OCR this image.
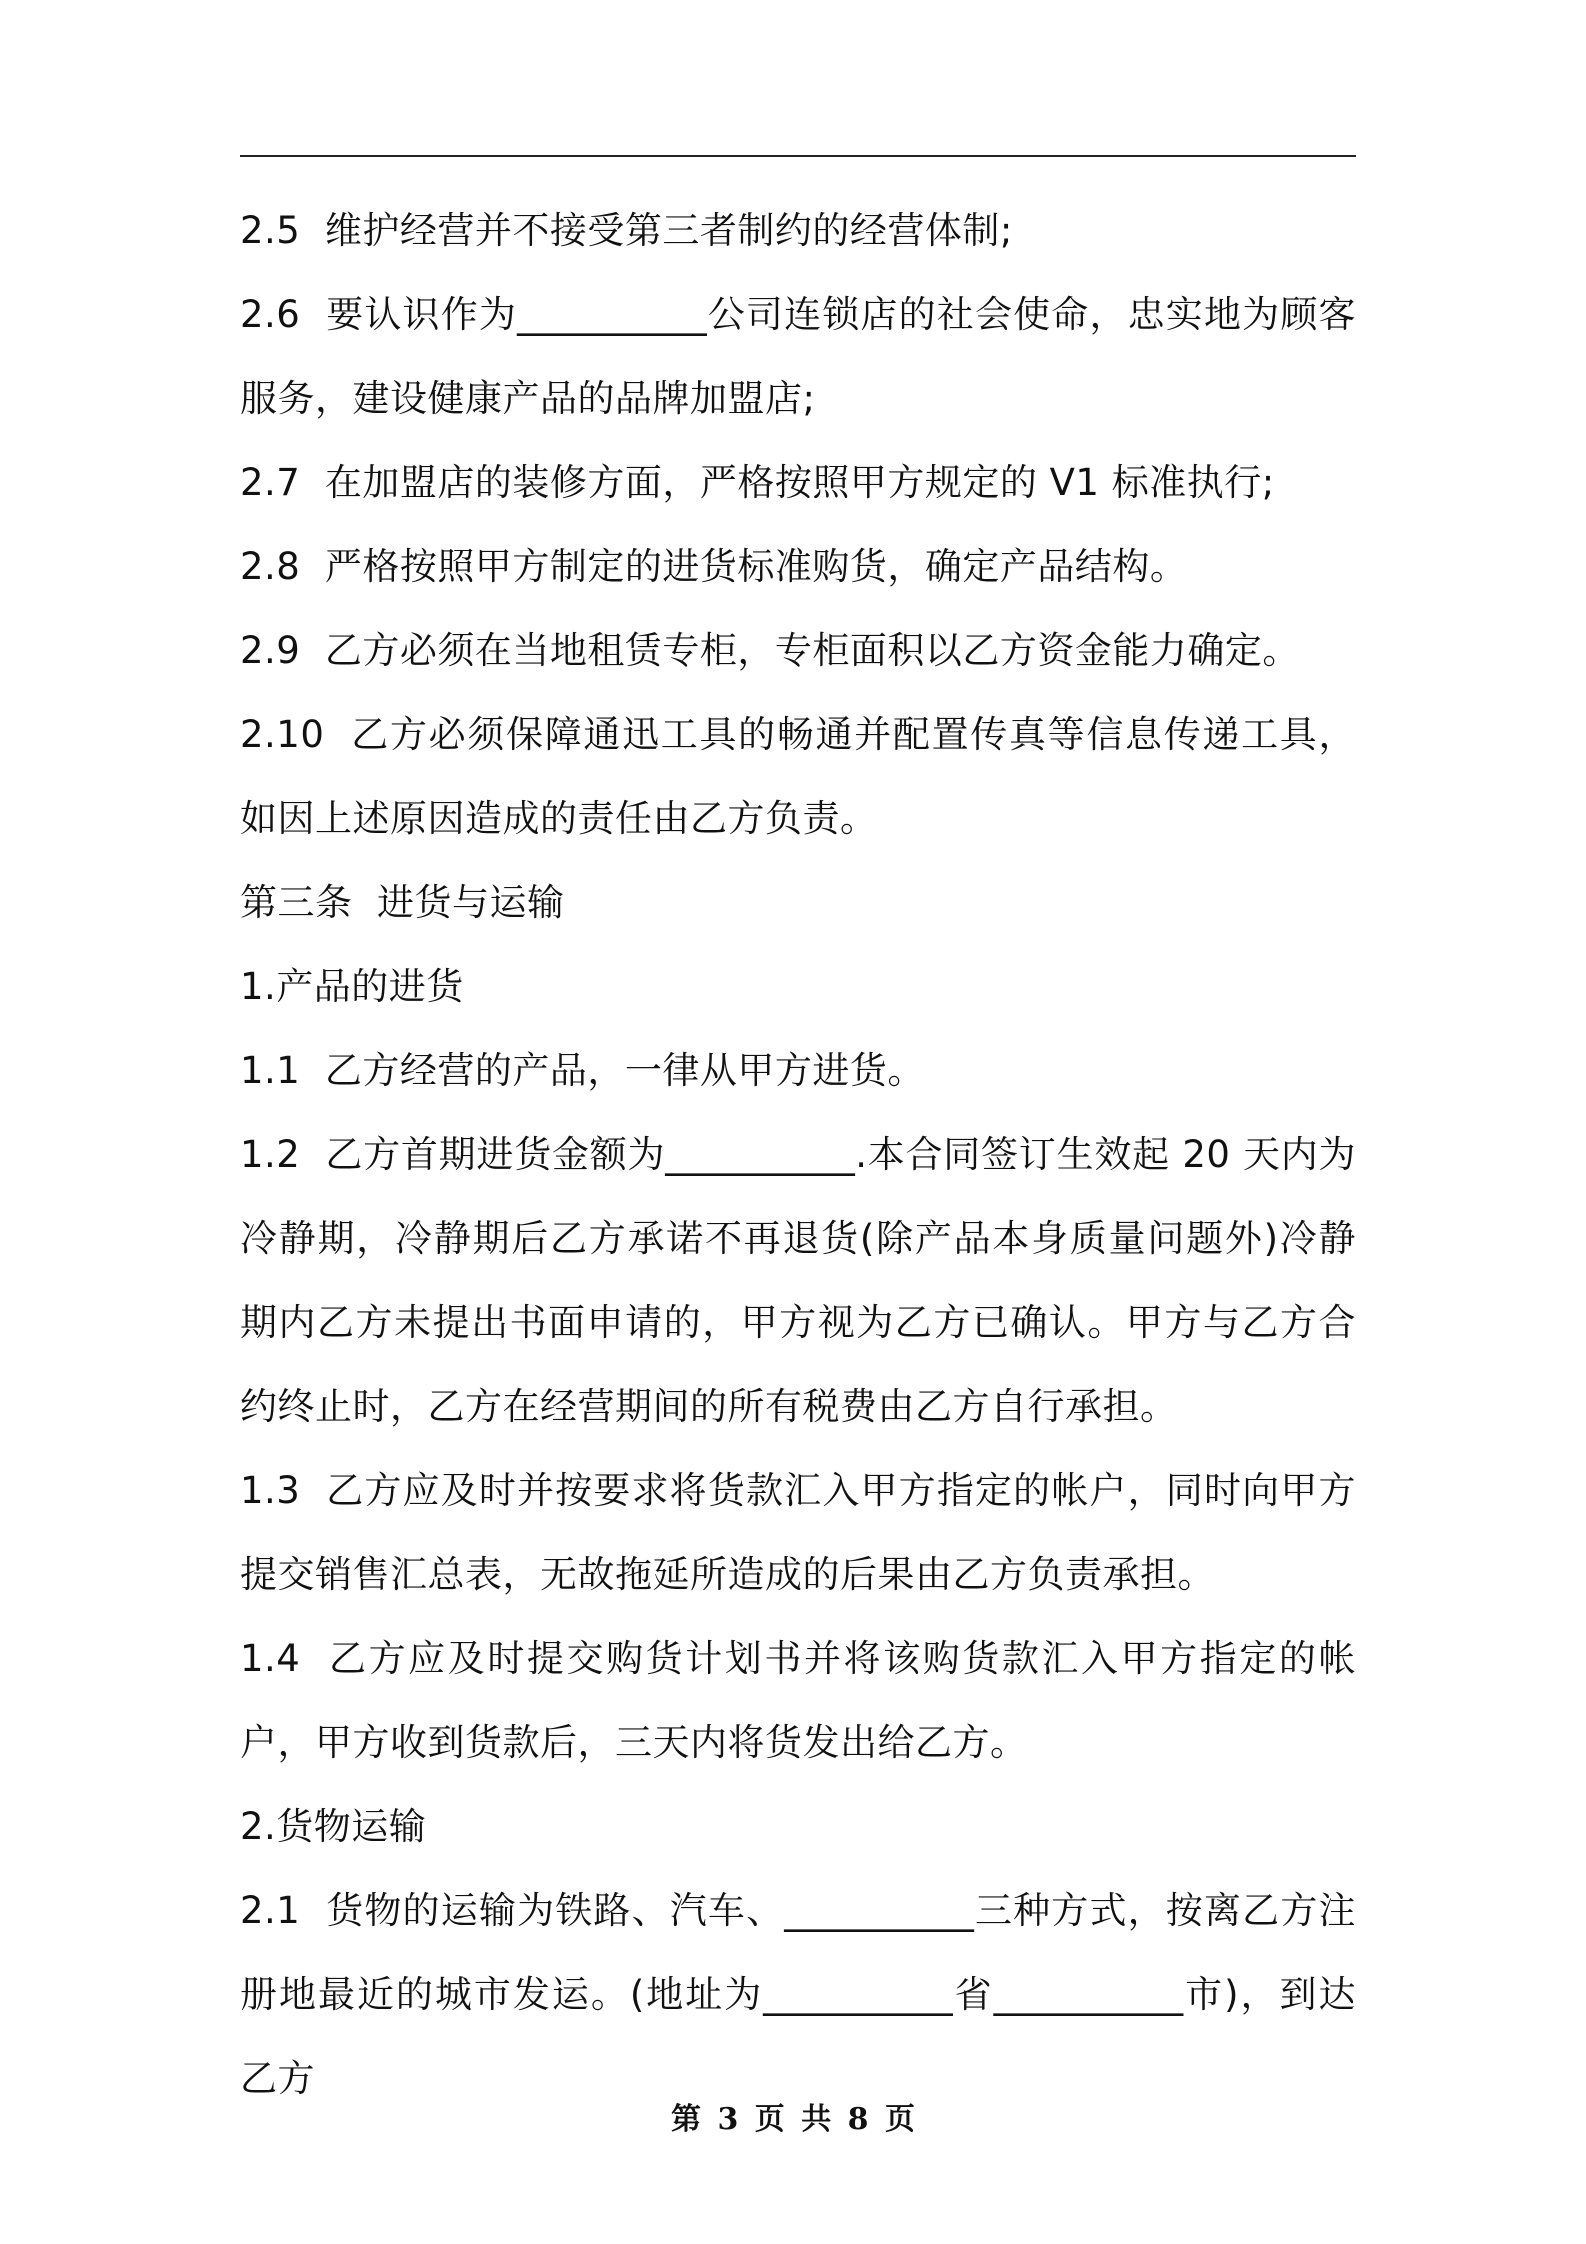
2.5  维护经营并不接受第三者制约的经营体制;

2.6  要认识作为__________公司连锁店的社会使命，忠实地为顾客服务，建设健康产品的品牌加盟店;

2.7  在加盟店的装修方面，严格按照甲方规定的 V1 标准执行;

2.8  严格按照甲方制定的进货标准购货，确定产品结构。

2.9  乙方必须在当地租赁专柜，专柜面积以乙方资金能力确定。

2.10  乙方必须保障通迅工具的畅通并配置传真等信息传递工具，如因上述原因造成的责任由乙方负责。

第三条  进货与运输

1.产品的进货

1.1  乙方经营的产品，一律从甲方进货。

1.2  乙方首期进货金额为__________.本合同签订生效起 20 天内为冷静期，冷静期后乙方承诺不再退货(除产品本身质量问题外)冷静期内乙方未提出书面申请的，甲方视为乙方已确认。甲方与乙方合约终止时，乙方在经营期间的所有税费由乙方自行承担。

1.3  乙方应及时并按要求将货款汇入甲方指定的帐户，同时向甲方提交销售汇总表，无故拖延所造成的后果由乙方负责承担。

1.4  乙方应及时提交购货计划书并将该购货款汇入甲方指定的帐户，甲方收到货款后，三天内将货发出给乙方。

2.货物运输

2.1  货物的运输为铁路、汽车、__________三种方式，按离乙方注册地最近的城市发运。(地址为__________省__________市)，到达乙方

第 3 页 共 8 页
